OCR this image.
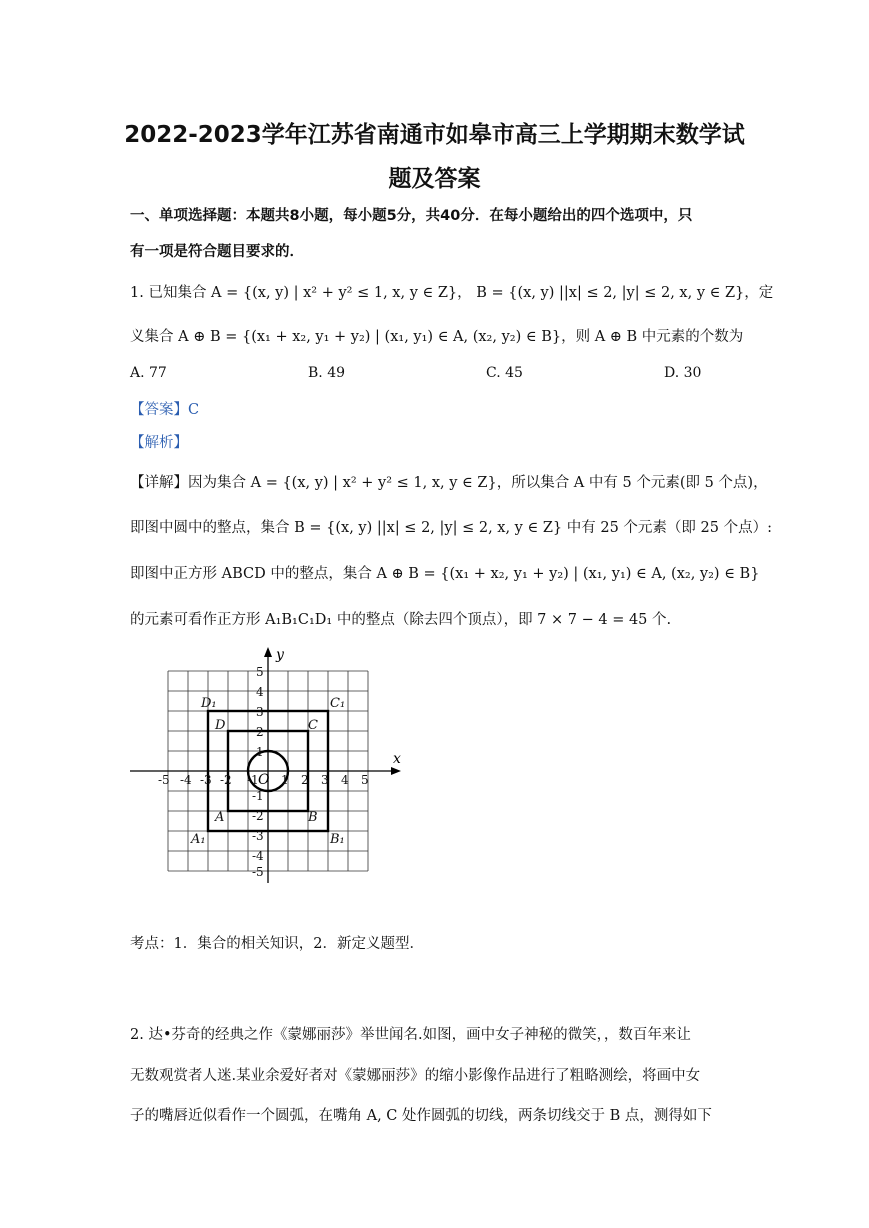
2022-2023学年江苏省南通市如皋市高三上学期期末数学试
题及答案
一、单项选择题：本题共8小题，每小题5分，共40分．在每小题给出的四个选项中，只
有一项是符合题目要求的．
1. 已知集合 A = {(x, y) | x² + y² ≤ 1, x, y ∈ Z}， B = {(x, y) ||x| ≤ 2, |y| ≤ 2, x, y ∈ Z}，定
义集合 A ⊕ B = {(x₁ + x₂, y₁ + y₂) | (x₁, y₁) ∈ A, (x₂, y₂) ∈ B}，则 A ⊕ B 中元素的个数为
A. 77	B. 49	C. 45	D. 30
【答案】C
【解析】
【详解】因为集合 A = {(x, y) | x² + y² ≤ 1, x, y ∈ Z}，所以集合 A 中有 5 个元素(即 5 个点)，
即图中圆中的整点，集合 B = {(x, y) ||x| ≤ 2, |y| ≤ 2, x, y ∈ Z} 中有 25 个元素（即 25 个点）:
即图中正方形 ABCD 中的整点，集合 A ⊕ B = {(x₁ + x₂, y₁ + y₂) | (x₁, y₁) ∈ A, (x₂, y₂) ∈ B}
的元素可看作正方形 A₁B₁C₁D₁ 中的整点（除去四个顶点），即 7 × 7 − 4 = 45 个.
x
y
O
-5 -4 -3 -2 -1 1 2 3 4 5
5
4
3
2
1
-1
-2
-3
-4
-5
D	C
A	B
D₁	C₁
A₁	B₁
考点：1．集合的相关知识，2．新定义题型．
2. 达•芬奇的经典之作《蒙娜丽莎》举世闻名.如图，画中女子神秘的微笑，，数百年来让
无数观赏者人迷.某业余爱好者对《蒙娜丽莎》的缩小影像作品进行了粗略测绘，将画中女
子的嘴唇近似看作一个圆弧，在嘴角 A, C 处作圆弧的切线，两条切线交于 B 点，测得如下
